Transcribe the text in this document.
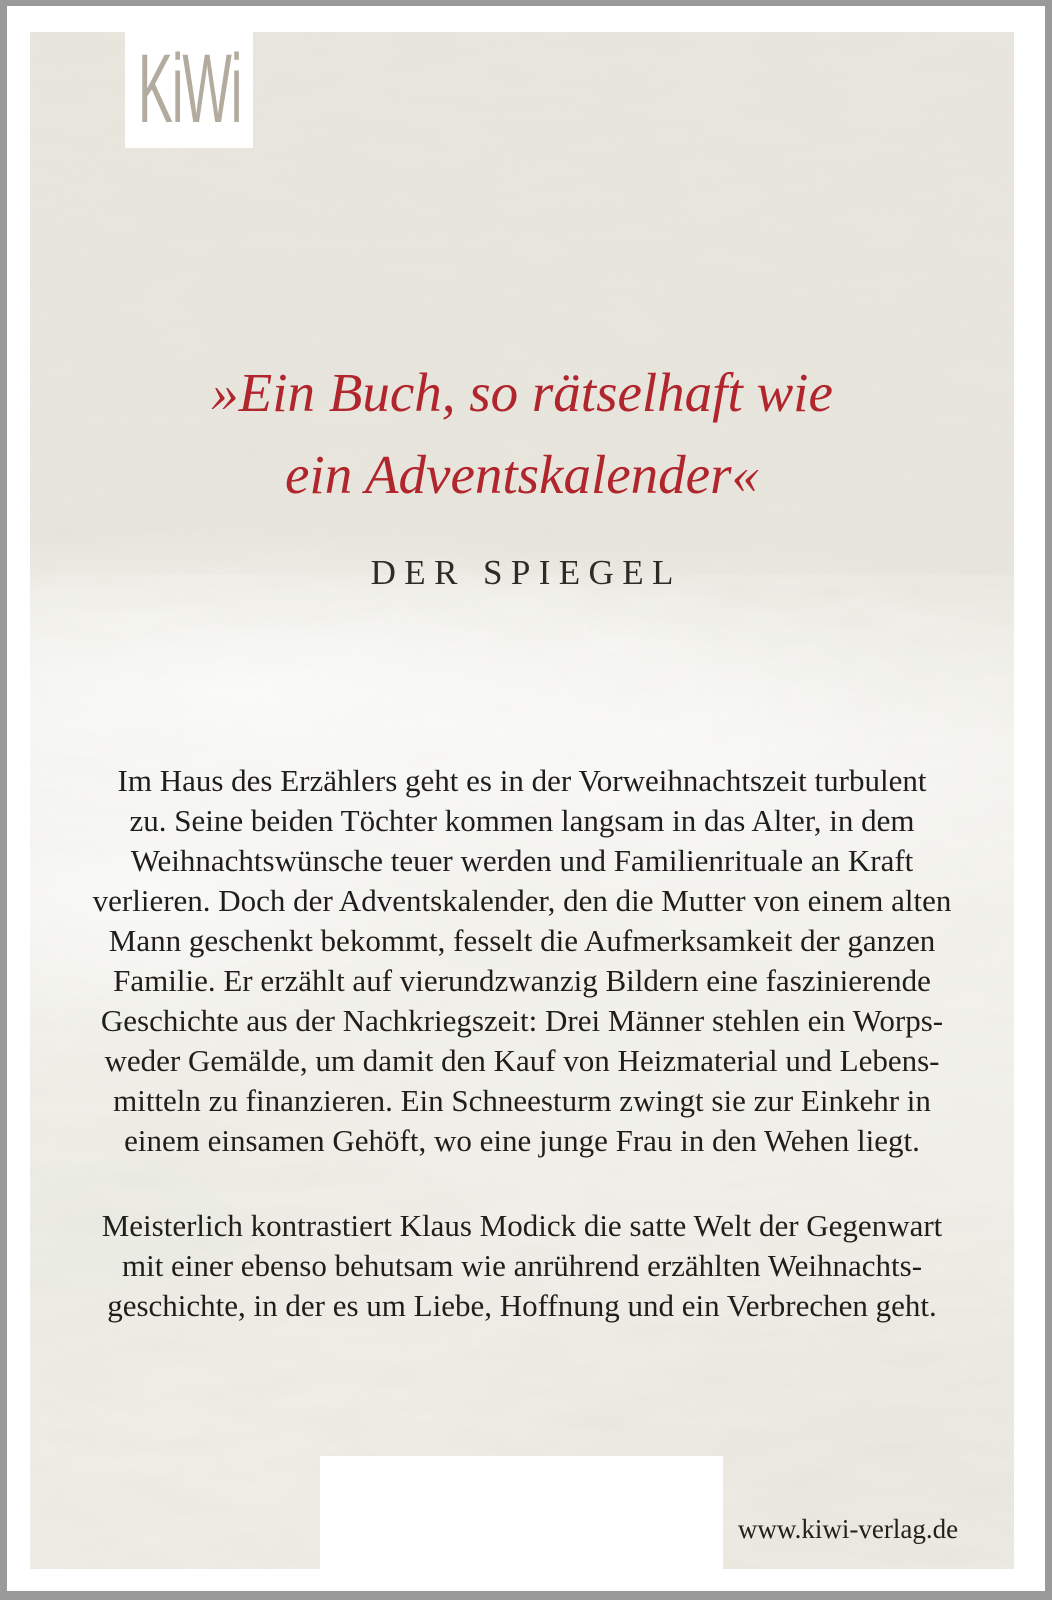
KiWi
»Ein Buch, so rätselhaft wie
ein Adventskalender«
DER SPIEGEL
Im Haus des Erzählers geht es in der Vorweihnachtszeit turbulent
zu. Seine beiden Töchter kommen langsam in das Alter, in dem
Weihnachtswünsche teuer werden und Familienrituale an Kraft
verlieren. Doch der Adventskalender, den die Mutter von einem alten
Mann geschenkt bekommt, fesselt die Aufmerksamkeit der ganzen
Familie. Er erzählt auf vierundzwanzig Bildern eine faszinierende
Geschichte aus der Nachkriegszeit: Drei Männer stehlen ein Worps-
weder Gemälde, um damit den Kauf von Heizmaterial und Lebens-
mitteln zu finanzieren. Ein Schneesturm zwingt sie zur Einkehr in
einem einsamen Gehöft, wo eine junge Frau in den Wehen liegt.
Meisterlich kontrastiert Klaus Modick die satte Welt der Gegenwart
mit einer ebenso behutsam wie anrührend erzählten Weihnachts-
geschichte, in der es um Liebe, Hoffnung und ein Verbrechen geht.
www.kiwi-verlag.de
